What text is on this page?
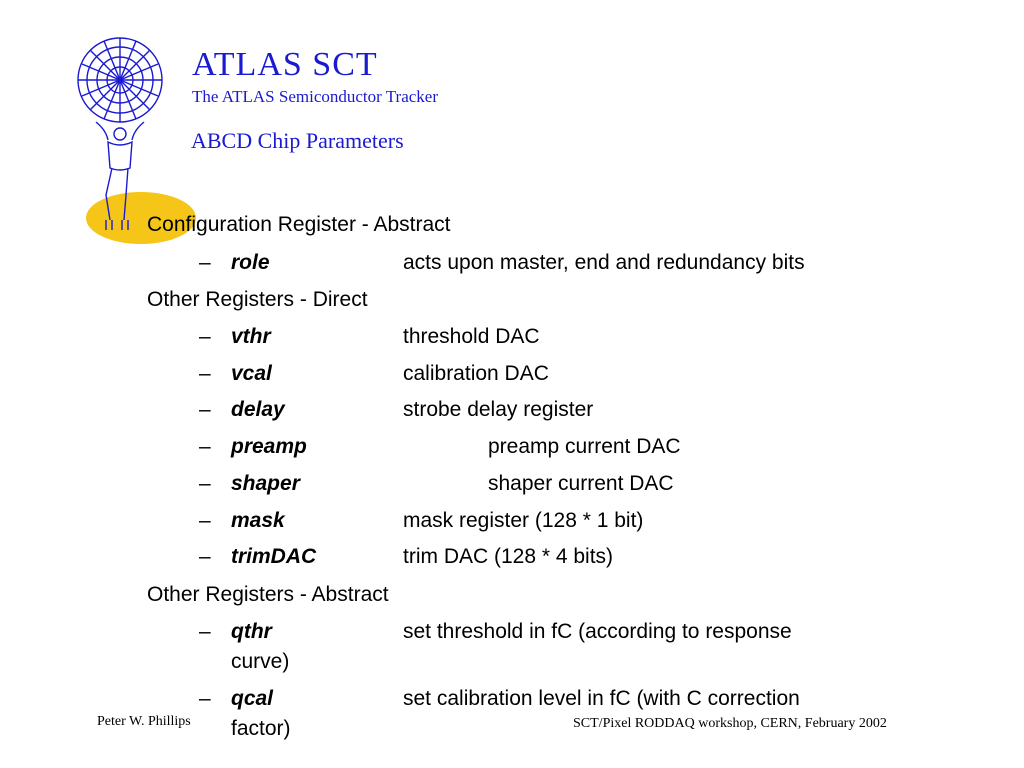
ATLAS SCT
The ATLAS Semiconductor Tracker
ABCD Chip Parameters
Configuration Register - Abstract
– role	acts upon master, end and redundancy bits
Other Registers - Direct
– vthr	threshold DAC
– vcal	calibration DAC
– delay	strobe delay register
– preamp	preamp current DAC
– shaper	shaper current DAC
– mask	mask register (128 * 1 bit)
– trimDAC	trim DAC (128 * 4 bits)
Other Registers - Abstract
– qthr	set threshold in fC (according to response
curve)
– qcal	set calibration level in fC (with C correction
factor)
Peter W. Phillips	SCT/Pixel RODDAQ workshop, CERN, February 2002
